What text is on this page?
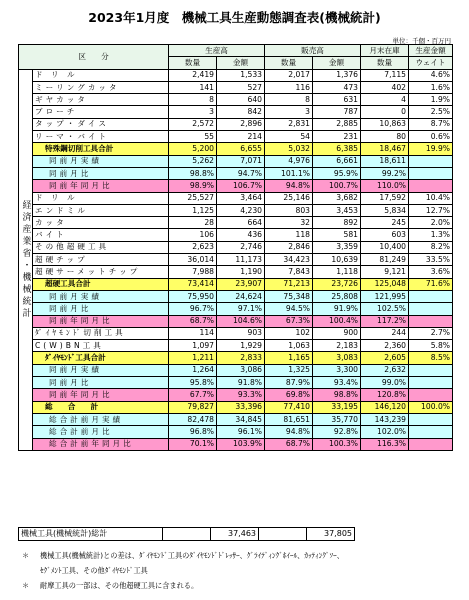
2023年1月度　機械工具生産動態調査表(機械統計)
単位：千個・百万円
区　　分		生産高		販売高		月末在庫	生産金額
		数量	金額	数量	金額	数量	ウェイト
経済産業省・機械統計	ド リ ル	2,419	1,533	2,017	1,376	7,115	4.6%
	ミーリングカッタ	141	527	116	473	402	1.6%
	ギヤカッタ	8	640	8	631	4	1.9%
	ブローチ	3	842	3	787	0	2.5%
	タップ・ダイス	2,572	2,896	2,831	2,885	10,863	8.7%
	リーマ・バイト	55	214	54	231	80	0.6%
	特殊鋼切削工具合計	5,200	6,655	5,032	6,385	18,467	19.9%
	同前月実績	5,262	7,071	4,976	6,661	18,611	
	同前月比	98.8%	94.7%	101.1%	95.9%	99.2%	
	同前年同月比	98.9%	106.7%	94.8%	100.7%	110.0%	
	ド リ ル	25,527	3,464	25,146	3,682	17,592	10.4%
	エンドミル	1,125	4,230	803	3,453	5,834	12.7%
	カッタ	28	664	32	892	245	2.0%
	バイト	106	436	118	581	603	1.3%
	その他超硬工具	2,623	2,746	2,846	3,359	10,400	8.2%
	超硬チップ	36,014	11,173	34,423	10,639	81,249	33.5%
	超硬サーメットチップ	7,988	1,190	7,843	1,118	9,121	3.6%
	超硬工具合計	73,414	23,907	71,213	23,726	125,048	71.6%
	同前月実績	75,950	24,624	75,348	25,808	121,995	
	同前月比	96.7%	97.1%	94.5%	91.9%	102.5%	
	同前年同月比	68.7%	104.6%	67.3%	100.4%	117.2%	
	ﾀﾞｲﾔﾓﾝﾄﾞ切削工具	114	903	102	900	244	2.7%
	C(W)BN工具	1,097	1,929	1,063	2,183	2,360	5.8%
	ﾀﾞｲﾔﾓﾝﾄﾞ工具合計	1,211	2,833	1,165	3,083	2,605	8.5%
	同前月実績	1,264	3,086	1,325	3,300	2,632	
	同前月比	95.8%	91.8%	87.9%	93.4%	99.0%	
	同前年同月比	67.7%	93.3%	69.8%	98.8%	120.8%	
	総　　合　　計	79,827	33,396	77,410	33,195	146,120	100.0%
	総合計前月実績	82,478	34,845	81,651	35,770	143,239	
	総合計前月比	96.8%	96.1%	94.8%	92.8%	102.0%	
	総合計前年同月比	70.1%	103.9%	68.7%	100.3%	116.3%	
機械工具(機械統計)総計		37,463		37,805
＊ 機械工具(機械統計)との差は、ﾀﾞｲﾔﾓﾝﾄﾞ工具のﾀﾞｲﾔﾓﾝﾄﾞﾄﾞﾚｯｻｰ、ｸﾞﾗｲﾃﾞｨﾝｸﾞﾎｲｰﾙ、ｶｯﾃｨﾝｸﾞｿｰ、
ｾｸﾞﾒﾝﾄ工具、その他ﾀﾞｲﾔﾓﾝﾄﾞ工具
＊ 耐摩工具の一部は、その他超硬工具に含まれる。
